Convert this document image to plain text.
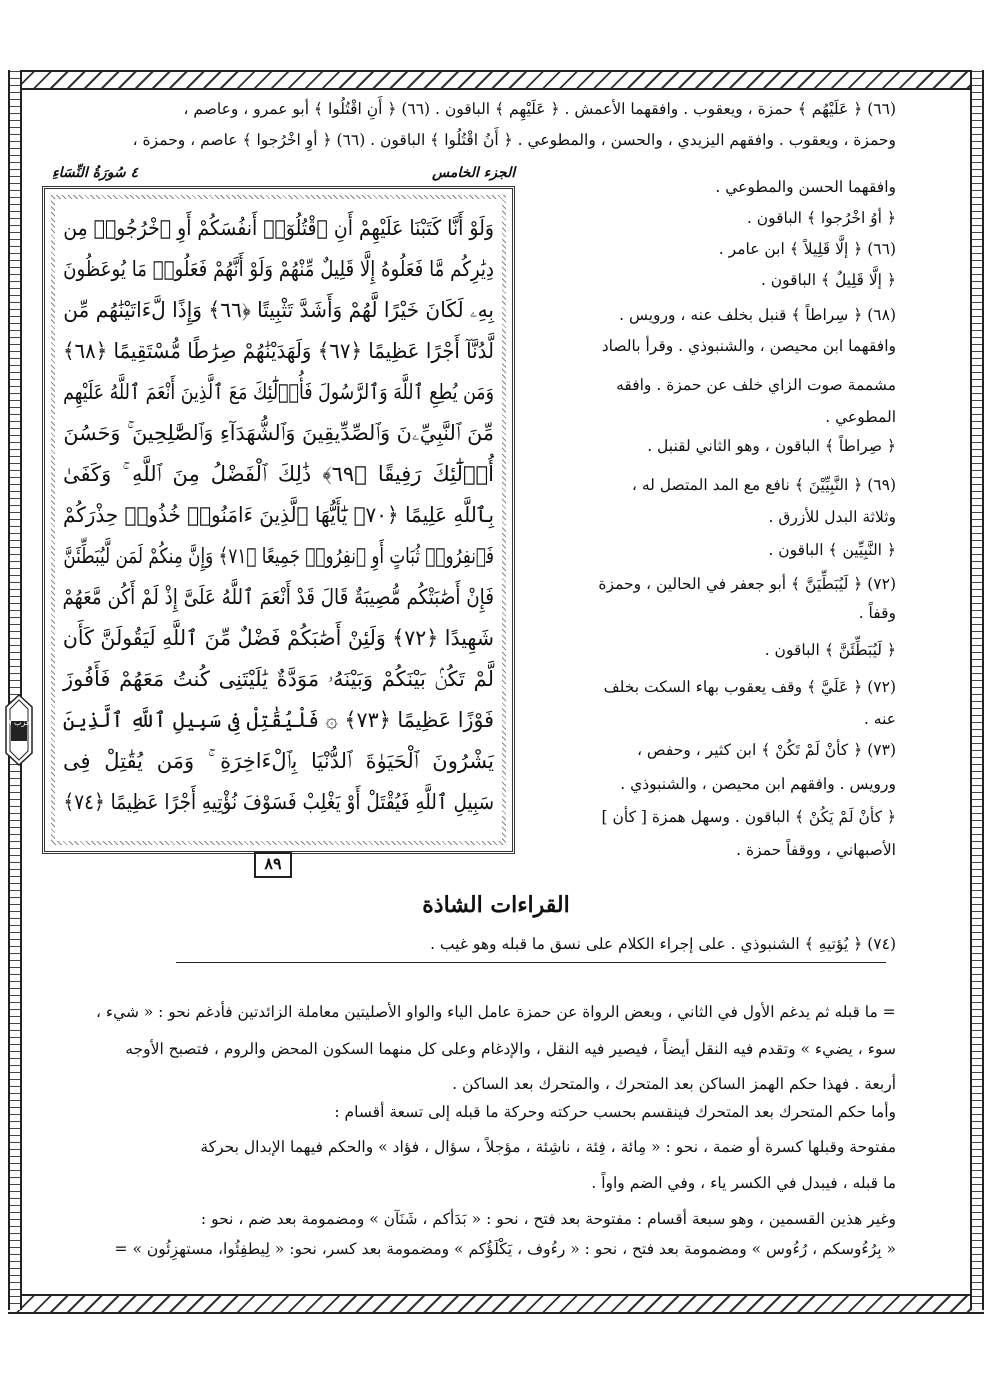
(٦٦) ﴿ عَلَيْهُم ﴾ حمزة ، ويعقوب . وافقهما الأعمش . ﴿ عَلَيْهِم ﴾ الباقون . (٦٦) ﴿ أَنِ اقْتُلُوا ﴾ أبو عمرو ، وعاصم ،
وحمزة ، ويعقوب . وافقهم اليزيدي ، والحسن ، والمطوعي . ﴿ أَنُ اقْتُلُوا ﴾ الباقون . (٦٦) ﴿ أوِ اخْرُجوا ﴾ عاصم ، وحمزة ،
٤ سُورَةُ النِّسَاءِ	الجزء الخامس
وَلَوْ أَنَّا كَتَبْنَا عَلَيْهِمْ أَنِ ٱقْتُلُوٓا۟ أَنفُسَكُمْ أَوِ ٱخْرُجُوا۟ مِن
دِيَٰرِكُم مَّا فَعَلُوهُ إِلَّا قَلِيلٌ مِّنْهُمْ وَلَوْ أَنَّهُمْ فَعَلُوا۟ مَا يُوعَظُونَ
بِهِۦ لَكَانَ خَيْرًا لَّهُمْ وَأَشَدَّ تَثْبِيتًا ﴿٦٦﴾ وَإِذًا لَّءَاتَيْنَٰهُم مِّن
لَّدُنَّآ أَجْرًا عَظِيمًا ﴿٦٧﴾ وَلَهَدَيْنَٰهُمْ صِرَٰطًا مُّسْتَقِيمًا ﴿٦٨﴾
وَمَن يُطِعِ ٱللَّهَ وَٱلرَّسُولَ فَأُو۟لَٰٓئِكَ مَعَ ٱلَّذِينَ أَنْعَمَ ٱللَّهُ عَلَيْهِم
مِّنَ ٱلنَّبِيِّۦنَ وَٱلصِّدِّيقِينَ وَٱلشُّهَدَآءِ وَٱلصَّٰلِحِينَ ۚ وَحَسُنَ
أُو۟لَٰٓئِكَ رَفِيقًا ﴿٦٩﴾ ذَٰلِكَ ٱلْفَضْلُ مِنَ ٱللَّهِ ۚ وَكَفَىٰ
بِٱللَّهِ عَلِيمًا ﴿٧٠﴾ يَٰٓأَيُّهَا ٱلَّذِينَ ءَامَنُوا۟ خُذُوا۟ حِذْرَكُمْ
فَٱنفِرُوا۟ ثُبَاتٍ أَوِ ٱنفِرُوا۟ جَمِيعًا ﴿٧١﴾ وَإِنَّ مِنكُمْ لَمَن لَّيُبَطِّئَنَّ
فَإِنْ أَصَٰبَتْكُم مُّصِيبَةٌ قَالَ قَدْ أَنْعَمَ ٱللَّهُ عَلَىَّ إِذْ لَمْ أَكُن مَّعَهُمْ
شَهِيدًا ﴿٧٢﴾ وَلَئِنْ أَصَٰبَكُمْ فَضْلٌ مِّنَ ٱللَّهِ لَيَقُولَنَّ كَأَن
لَّمْ تَكُنۢ بَيْنَكُمْ وَبَيْنَهُۥ مَوَدَّةٌ يَٰلَيْتَنِى كُنتُ مَعَهُمْ فَأَفُوزَ
فَوْزًا عَظِيمًا ﴿٧٣﴾ ۞ فَلْيُقَٰتِلْ فِى سَبِيلِ ٱللَّهِ ٱلَّذِينَ
يَشْرُونَ ٱلْحَيَوٰةَ ٱلدُّنْيَا بِٱلْءَاخِرَةِ ۚ وَمَن يُقَٰتِلْ فِى
سَبِيلِ ٱللَّهِ فَيُقْتَلْ أَوْ يَغْلِبْ فَسَوْفَ نُؤْتِيهِ أَجْرًا عَظِيمًا ﴿٧٤﴾
٨٩
حزب ٩
وافقهما الحسن والمطوعي .
﴿ أوُ اخْرُجوا ﴾ الباقون .
(٦٦) ﴿ إلَّا قَلِيلاً ﴾ ابن عامر .
﴿ إلَّا قَلِيلٌ ﴾ الباقون .
(٦٨) ﴿ سِراطاً ﴾ قنبل بخلف عنه ، ورويس .
وافقهما ابن محيصن ، والشنبوذي . وقرأ بالصاد
مشممة صوت الزاي خلف عن حمزة . وافقه
المطوعي .
﴿ صِراطاً ﴾ الباقون ، وهو الثاني لقنبل .
(٦٩) ﴿ النَّبِيِّيْنَ ﴾ نافع مع المد المتصل له ،
وثلاثة البدل للأزرق .
﴿ النَّبِيِّين ﴾ الباقون .
(٧٢) ﴿ لَيُبَطِّيَنَّ ﴾ أبو جعفر في الحالين ، وحمزة
وقفاً .
﴿ لَيُبَطِّئَنَّ ﴾ الباقون .
(٧٢) ﴿ عَلَيَّ ﴾ وقف يعقوب بهاء السكت بخلف
عنه .
(٧٣) ﴿ كأنْ لَمْ تَكُنْ ﴾ ابن كثير ، وحفص ،
ورويس . وافقهم ابن محيصن ، والشنبوذي .
﴿ كأنْ لَمْ يَكُنْ ﴾ الباقون . وسهل همزة [ كأن ]
الأصبهاني ، ووقفاً حمزة .
القراءات الشاذة
(٧٤) ﴿ يُؤتيهِ ﴾ الشنبوذي . على إجراء الكلام على نسق ما قبله وهو غيب .
= ما قبله ثم يدغم الأول في الثاني ، وبعض الرواة عن حمزة عامل الياء والواو الأصليتين معاملة الزائدتين فأدغم نحو : « شيء ،
سوء ، يضيء » وتقدم فيه النقل أيضاً ، فيصير فيه النقل ، والإدغام وعلى كل منهما السكون المحض والروم ، فتصبح الأوجه
أربعة . فهذا حكم الهمز الساكن بعد المتحرك ، والمتحرك بعد الساكن .
وأما حكم المتحرك بعد المتحرك فينقسم بحسب حركته وحركة ما قبله إلى تسعة أقسام :
مفتوحة وقبلها كسرة أو ضمة ، نحو : « مِائة ، فِئة ، ناشِئة ، مؤجلاً ، سؤال ، فؤاد » والحكم فيهما الإبدال بحركة
ما قبله ، فيبدل في الكسر ياء ، وفي الضم واواً .
وغير هذين القسمين ، وهو سبعة أقسام : مفتوحة بعد فتح ، نحو : « بَدَأكم ، شَنَآن » ومضمومة بعد ضم ، نحو :
« بِرُءُوسكم ، رُءُوس » ومضمومة بعد فتح ، نحو : « رءُوف ، يَكْلَؤُكم » ومضمومة بعد كسر، نحو: « لِيطفِئُوا، مستهزِئُون » =
